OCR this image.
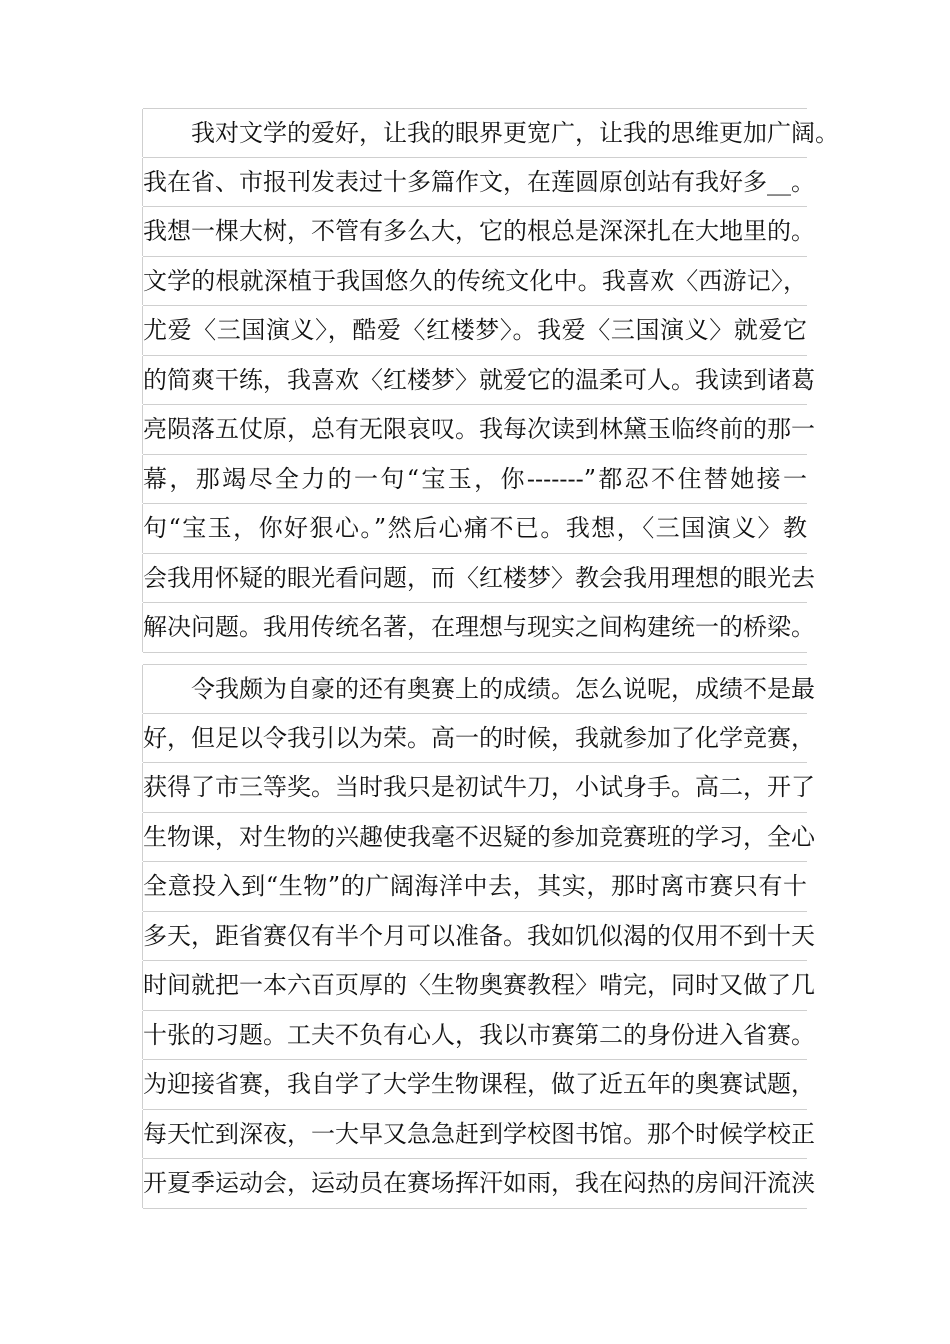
我对文学的爱好，让我的眼界更宽广，让我的思维更加广阔。
我在省、市报刊发表过十多篇作文，在莲圆原创站有我好多__。
我想一棵大树，不管有多么大，它的根总是深深扎在大地里的。
文学的根就深植于我国悠久的传统文化中。我喜欢〈西游记〉，
尤爱〈三国演义〉，酷爱〈红楼梦〉。我爱〈三国演义〉就爱它
的简爽干练，我喜欢〈红楼梦〉就爱它的温柔可人。我读到诸葛
亮陨落五仗原，总有无限哀叹。我每次读到林黛玉临终前的那一
幕，那竭尽全力的一句“宝玉，你-------”都忍不住替她接一
句“宝玉，你好狠心。”然后心痛不已。我想，〈三国演义〉教
会我用怀疑的眼光看问题，而〈红楼梦〉教会我用理想的眼光去
解决问题。我用传统名著，在理想与现实之间构建统一的桥梁。
令我颇为自豪的还有奥赛上的成绩。怎么说呢，成绩不是最
好，但足以令我引以为荣。高一的时候，我就参加了化学竞赛，
获得了市三等奖。当时我只是初试牛刀，小试身手。高二，开了
生物课，对生物的兴趣使我毫不迟疑的参加竞赛班的学习，全心
全意投入到“生物”的广阔海洋中去，其实，那时离市赛只有十
多天，距省赛仅有半个月可以准备。我如饥似渴的仅用不到十天
时间就把一本六百页厚的〈生物奥赛教程〉啃完，同时又做了几
十张的习题。工夫不负有心人，我以市赛第二的身份进入省赛。
为迎接省赛，我自学了大学生物课程，做了近五年的奥赛试题，
每天忙到深夜，一大早又急急赶到学校图书馆。那个时候学校正
开夏季运动会，运动员在赛场挥汗如雨，我在闷热的房间汗流浃
